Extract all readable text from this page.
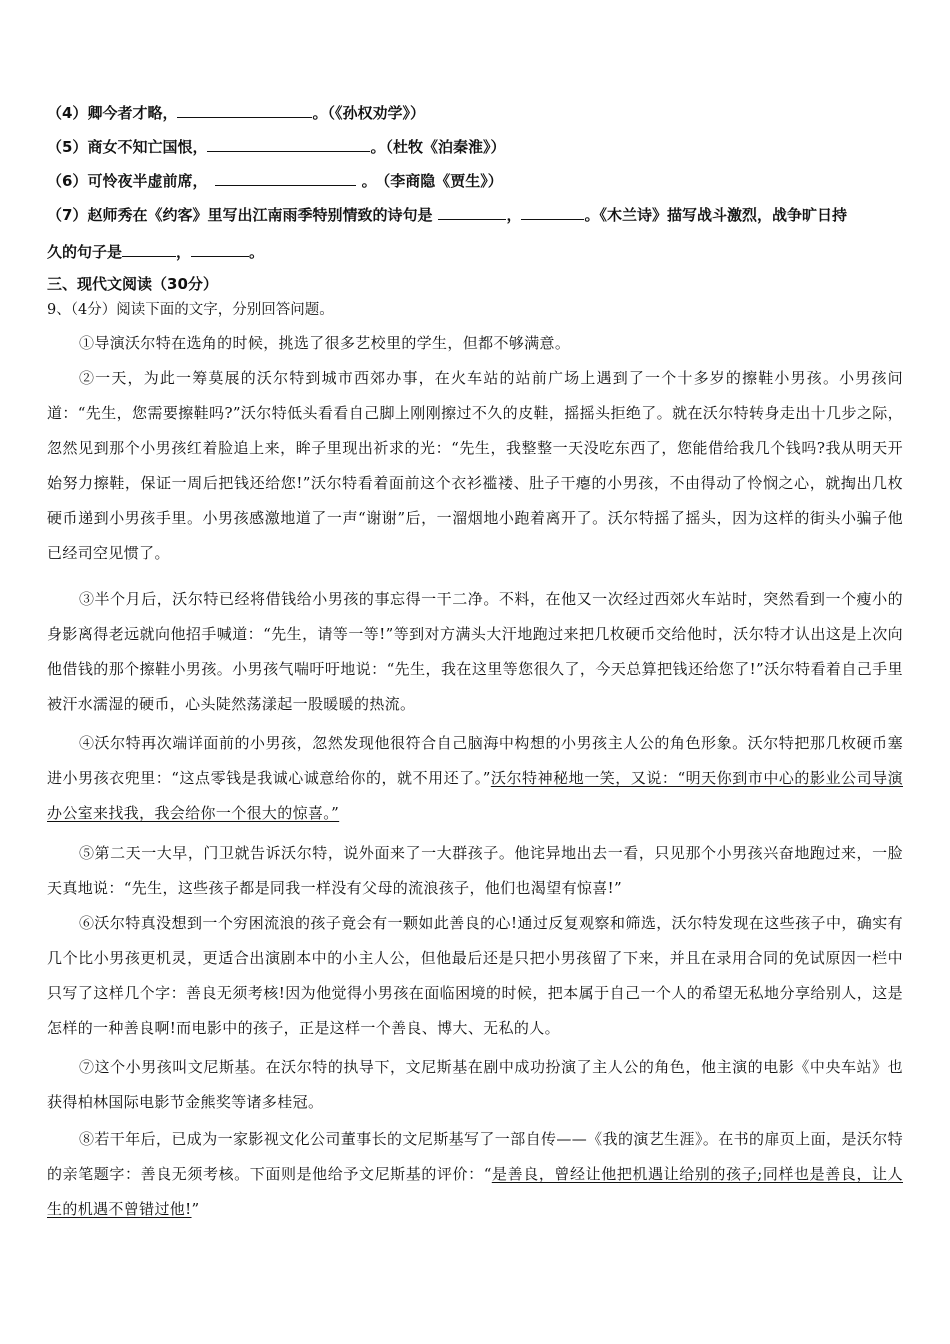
（4）卿今者才略，	。（《孙权劝学》）
（5）商女不知亡国恨，	。（杜牧《泊秦淮》）
（6）可怜夜半虚前席，	。 （李商隐《贾生》）
（7）赵师秀在《约客》里写出江南雨季特别情致的诗句是	，	。《木兰诗》描写战斗激烈，战争旷日持
久的句子是	，	。
三、现代文阅读（30分）
9、（4分）阅读下面的文字，分别回答问题。
①导演沃尔特在选角的时候，挑选了很多艺校里的学生，但都不够满意。
②一天，为此一筹莫展的沃尔特到城市西郊办事，在火车站的站前广场上遇到了一个十多岁的擦鞋小男孩。小男孩问道：“先生，您需要擦鞋吗?”沃尔特低头看看自己脚上刚刚擦过不久的皮鞋，摇摇头拒绝了。就在沃尔特转身走出十几步之际，忽然见到那个小男孩红着脸追上来，眸子里现出祈求的光：“先生，我整整一天没吃东西了，您能借给我几个钱吗?我从明天开始努力擦鞋，保证一周后把钱还给您!”沃尔特看着面前这个衣衫褴褛、肚子干瘪的小男孩，不由得动了怜悯之心，就掏出几枚硬币递到小男孩手里。小男孩感激地道了一声“谢谢”后，一溜烟地小跑着离开了。沃尔特摇了摇头，因为这样的街头小骗子他已经司空见惯了。
③半个月后，沃尔特已经将借钱给小男孩的事忘得一干二净。不料，在他又一次经过西郊火车站时，突然看到一个瘦小的身影离得老远就向他招手喊道：“先生，请等一等!”等到对方满头大汗地跑过来把几枚硬币交给他时，沃尔特才认出这是上次向他借钱的那个擦鞋小男孩。小男孩气喘吁吁地说：“先生，我在这里等您很久了，今天总算把钱还给您了!”沃尔特看着自己手里被汗水濡湿的硬币，心头陡然荡漾起一股暖暖的热流。
④沃尔特再次端详面前的小男孩，忽然发现他很符合自己脑海中构想的小男孩主人公的角色形象。沃尔特把那几枚硬币塞进小男孩衣兜里：“这点零钱是我诚心诚意给你的，就不用还了。”沃尔特神秘地一笑，又说：“明天你到市中心的影业公司导演办公室来找我，我会给你一个很大的惊喜。”
⑤第二天一大早，门卫就告诉沃尔特，说外面来了一大群孩子。他诧异地出去一看，只见那个小男孩兴奋地跑过来，一脸天真地说：“先生，这些孩子都是同我一样没有父母的流浪孩子，他们也渴望有惊喜!”
⑥沃尔特真没想到一个穷困流浪的孩子竟会有一颗如此善良的心!通过反复观察和筛选，沃尔特发现在这些孩子中，确实有几个比小男孩更机灵，更适合出演剧本中的小主人公，但他最后还是只把小男孩留了下来，并且在录用合同的免试原因一栏中只写了这样几个字：善良无须考核!因为他觉得小男孩在面临困境的时候，把本属于自己一个人的希望无私地分享给别人，这是怎样的一种善良啊!而电影中的孩子，正是这样一个善良、博大、无私的人。
⑦这个小男孩叫文尼斯基。在沃尔特的执导下，文尼斯基在剧中成功扮演了主人公的角色，他主演的电影《中央车站》也获得柏林国际电影节金熊奖等诸多桂冠。
⑧若干年后，已成为一家影视文化公司董事长的文尼斯基写了一部自传——《我的演艺生涯》。在书的扉页上面，是沃尔特的亲笔题字：善良无须考核。下面则是他给予文尼斯基的评价：“是善良，曾经让他把机遇让给别的孩子;同样也是善良，让人生的机遇不曾错过他!”
